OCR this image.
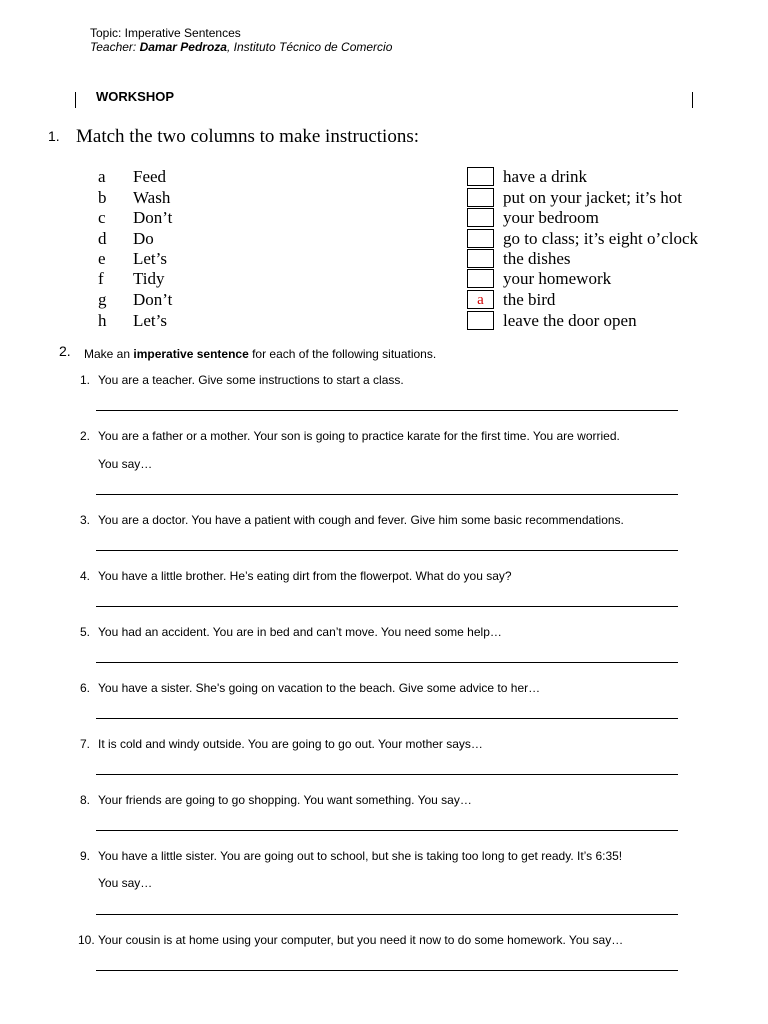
Topic: Imperative Sentences
Teacher: Damar Pedroza, Instituto Técnico de Comercio
WORKSHOP
1. Match the two columns to make instructions:
a Feed	have a drink
b Wash	put on your jacket; it’s hot
c Don’t	your bedroom
d Do	go to class; it’s eight o’clock
e Let’s	the dishes
f Tidy	your homework
g Don’t	a	the bird
h Let’s	leave the door open
2. Make an imperative sentence for each of the following situations.
1. You are a teacher. Give some instructions to start a class.
2. You are a father or a mother. Your son is going to practice karate for the first time. You are worried.
You say…
3. You are a doctor. You have a patient with cough and fever. Give him some basic recommendations.
4. You have a little brother. He’s eating dirt from the flowerpot. What do you say?
5. You had an accident. You are in bed and can’t move. You need some help…
6. You have a sister. She's going on vacation to the beach. Give some advice to her…
7. It is cold and windy outside. You are going to go out. Your mother says…
8. Your friends are going to go shopping. You want something. You say…
9. You have a little sister. You are going out to school, but she is taking too long to get ready. It’s 6:35!
You say…
10. Your cousin is at home using your computer, but you need it now to do some homework. You say…
